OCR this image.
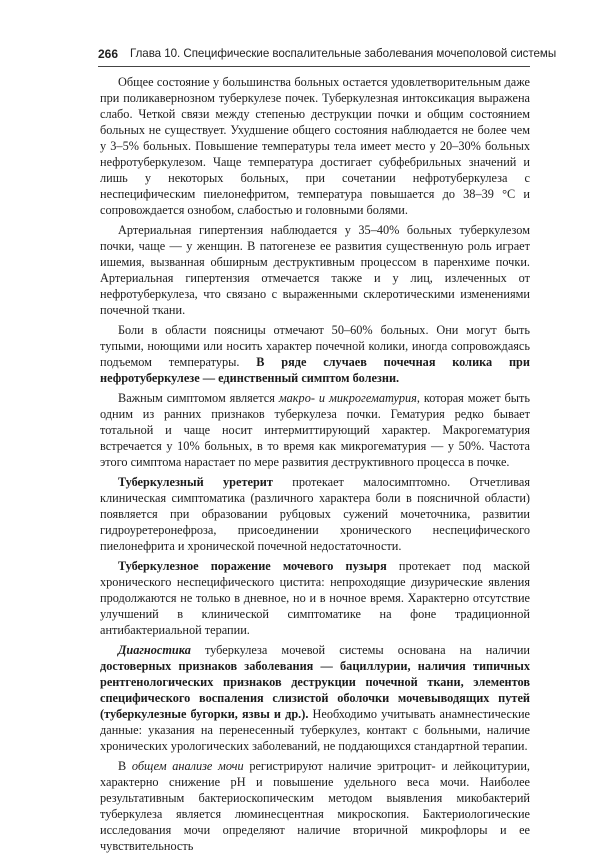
266 Глава 10. Специфические воспалительные заболевания мочеполовой системы

Общее состояние у большинства больных остается удовлетворительным даже при поликавернозном туберкулезе почек. Туберкулезная интоксикация выражена слабо. Четкой связи между степенью деструкции почки и общим состоянием больных не существует. Ухудшение общего состояния наблюдается не более чем у 3–5% больных. Повышение температуры тела имеет место у 20–30% больных нефротуберкулезом. Чаще температура достигает субфебрильных значений и лишь у некоторых больных, при сочетании нефротуберкулеза с неспецифическим пиелонефритом, температура повышается до 38–39 °С и сопровождается ознобом, слабостью и головными болями.

Артериальная гипертензия наблюдается у 35–40% больных туберкулезом почки, чаще — у женщин. В патогенезе ее развития существенную роль играет ишемия, вызванная обширным деструктивным процессом в паренхиме почки. Артериальная гипертензия отмечается также и у лиц, излеченных от нефротуберкулеза, что связано с выраженными склеротическими изменениями почечной ткани.

Боли в области поясницы отмечают 50–60% больных. Они могут быть тупыми, ноющими или носить характер почечной колики, иногда сопровождаясь подъемом температуры. В ряде случаев почечная колика при нефротуберкулезе — единственный симптом болезни.

Важным симптомом является макро- и микрогематурия, которая может быть одним из ранних признаков туберкулеза почки. Гематурия редко бывает тотальной и чаще носит интермиттирующий характер. Макрогематурия встречается у 10% больных, в то время как микрогематурия — у 50%. Частота этого симптома нарастает по мере развития деструктивного процесса в почке.

Туберкулезный уретерит протекает малосимптомно. Отчетливая клиническая симптоматика (различного характера боли в поясничной области) появляется при образовании рубцовых сужений мочеточника, развитии гидроуретеронефроза, присоединении хронического неспецифического пиелонефрита и хронической почечной недостаточности.

Туберкулезное поражение мочевого пузыря протекает под маской хронического неспецифического цистита: непроходящие дизурические явления продолжаются не только в дневное, но и в ночное время. Характерно отсутствие улучшений в клинической симптоматике на фоне традиционной антибактериальной терапии.

Диагностика туберкулеза мочевой системы основана на наличии достоверных признаков заболевания — бациллурии, наличия типичных рентгенологических признаков деструкции почечной ткани, элементов специфического воспаления слизистой оболочки мочевыводящих путей (туберкулезные бугорки, язвы и др.). Необходимо учитывать анамнестические данные: указания на перенесенный туберкулез, контакт с больными, наличие хронических урологических заболеваний, не поддающихся стандартной терапии.

В общем анализе мочи регистрируют наличие эритроцит- и лейкоцитурии, характерно снижение pH и повышение удельного веса мочи. Наиболее результативным бактериоскопическим методом выявления микобактерий туберкулеза является люминесцентная микроскопия. Бактериологические исследования мочи определяют наличие вторичной микрофлоры и ее чувствительность
